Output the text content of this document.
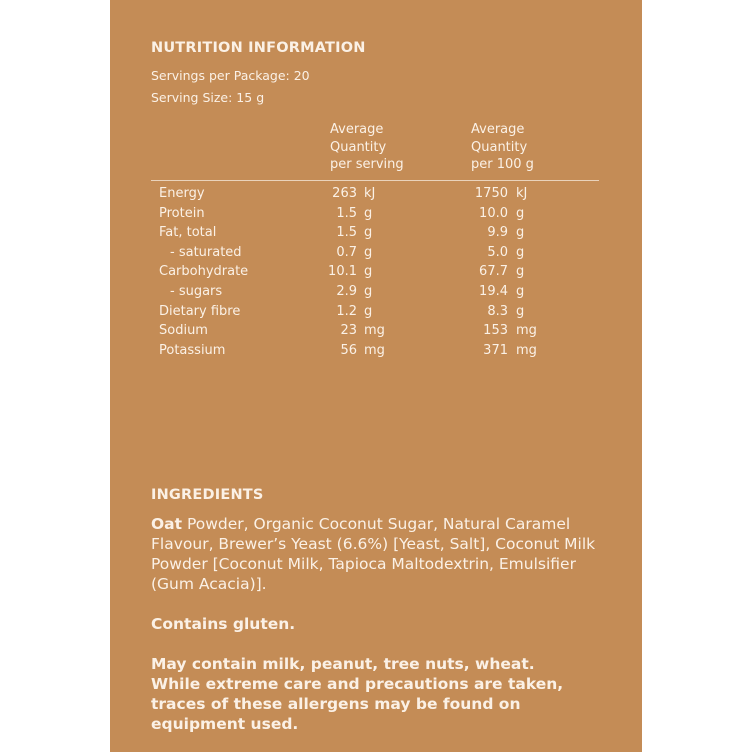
NUTRITION INFORMATION
Servings per Package: 20
Serving Size: 15 g
Average
Quantity
per serving
Average
Quantity
per 100 g
Energy	263 kJ	1750 kJ
Protein	1.5 g	10.0 g
Fat, total	1.5 g	9.9 g
- saturated	0.7 g	5.0 g
Carbohydrate	10.1 g	67.7 g
- sugars	2.9 g	19.4 g
Dietary fibre	1.2 g	8.3 g
Sodium	23 mg	153 mg
Potassium	56 mg	371 mg
INGREDIENTS
Oat Powder, Organic Coconut Sugar, Natural Caramel Flavour, Brewer’s Yeast (6.6%) [Yeast, Salt], Coconut Milk Powder [Coconut Milk, Tapioca Maltodextrin, Emulsifier (Gum Acacia)].
Contains gluten.
May contain milk, peanut, tree nuts, wheat. While extreme care and precautions are taken, traces of these allergens may be found on equipment used.
